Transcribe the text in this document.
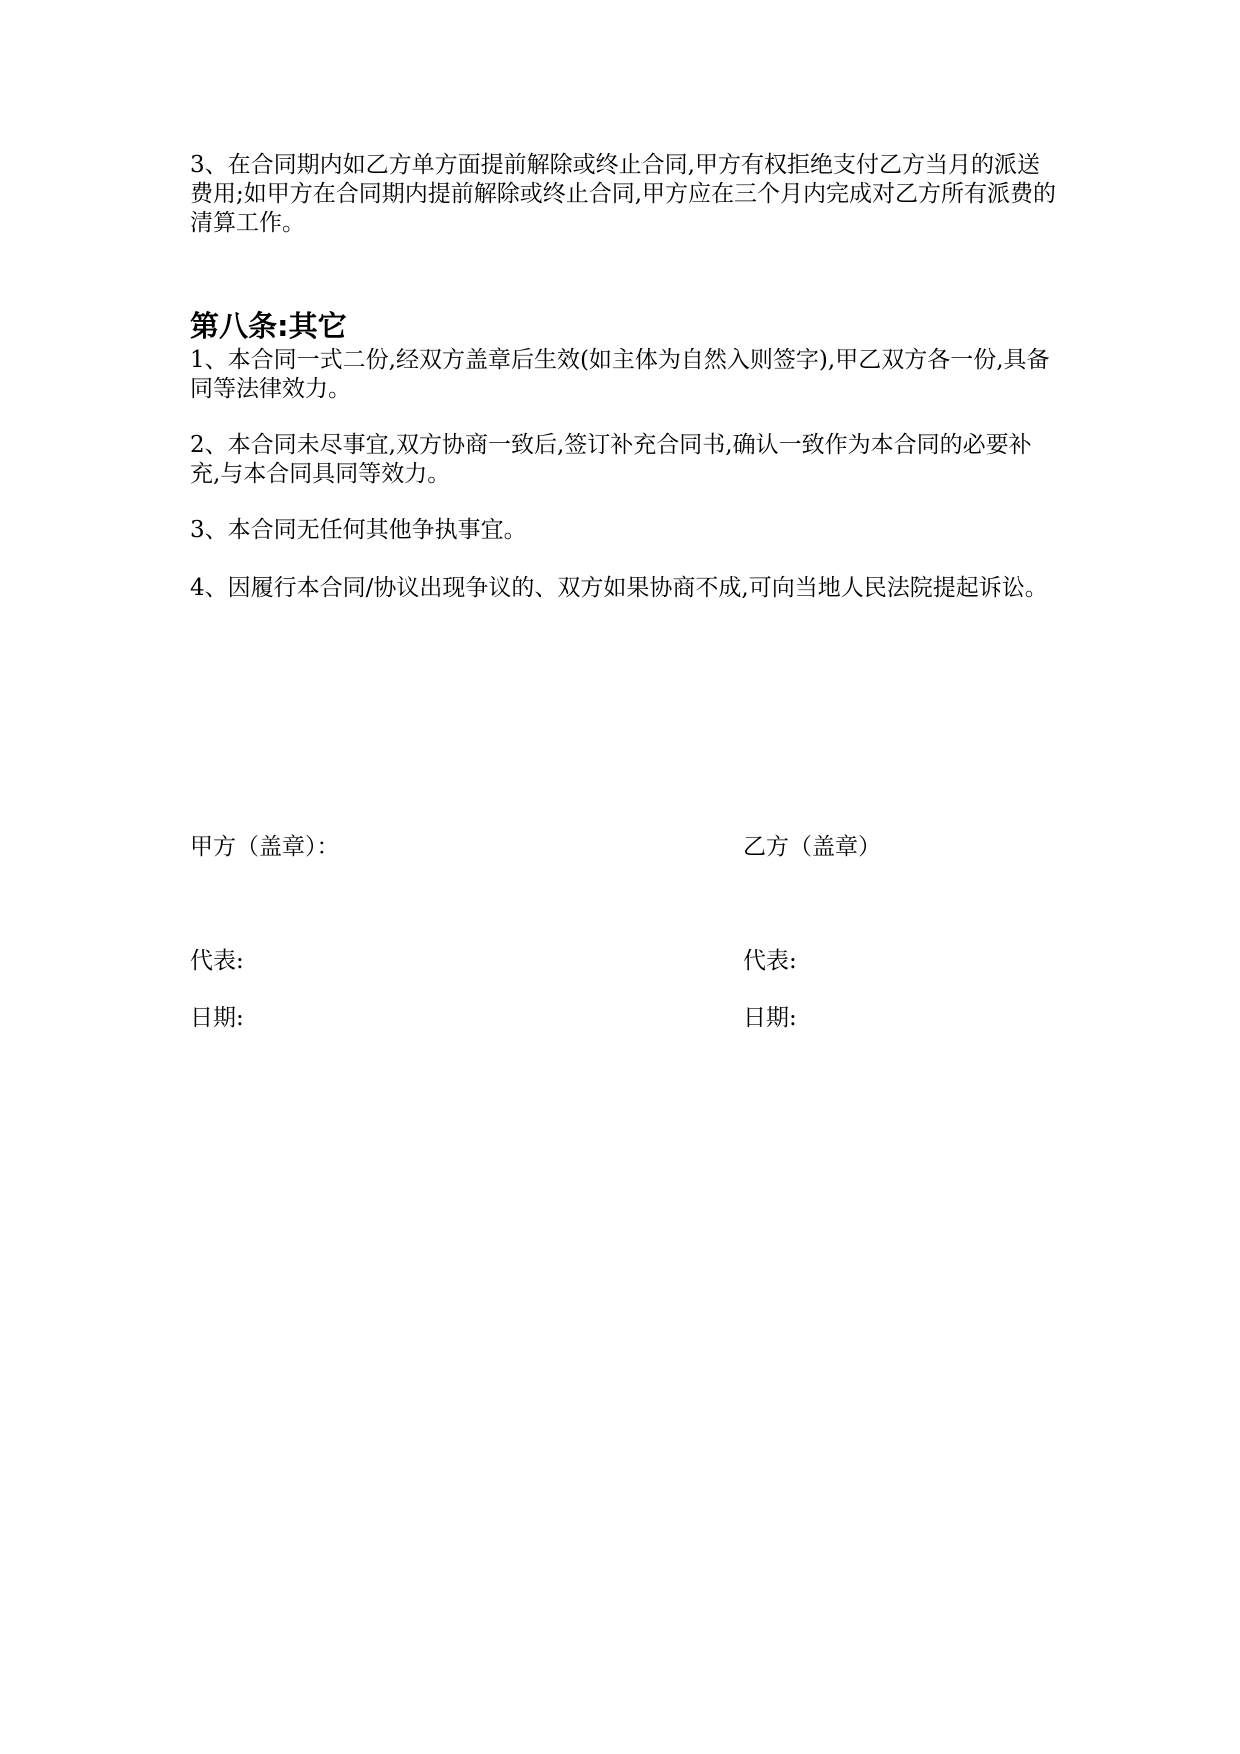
3、在合同期内如乙方单方面提前解除或终止合同,甲方有权拒绝支付乙方当月的派送费用;如甲方在合同期内提前解除或终止合同,甲方应在三个月内完成对乙方所有派费的清算工作。

第八条:其它

1、本合同一式二份,经双方盖章后生效(如主体为自然入则签字),甲乙双方各一份,具备同等法律效力。

2、本合同未尽事宜,双方协商一致后,签订补充合同书,确认一致作为本合同的必要补充,与本合同具同等效力。

3、本合同无任何其他争执事宜。

4、因履行本合同/协议出现争议的、双方如果协商不成,可向当地人民法院提起诉讼。

甲方（盖章）：	乙方（盖章）

代表:	代表:

日期:	日期:
